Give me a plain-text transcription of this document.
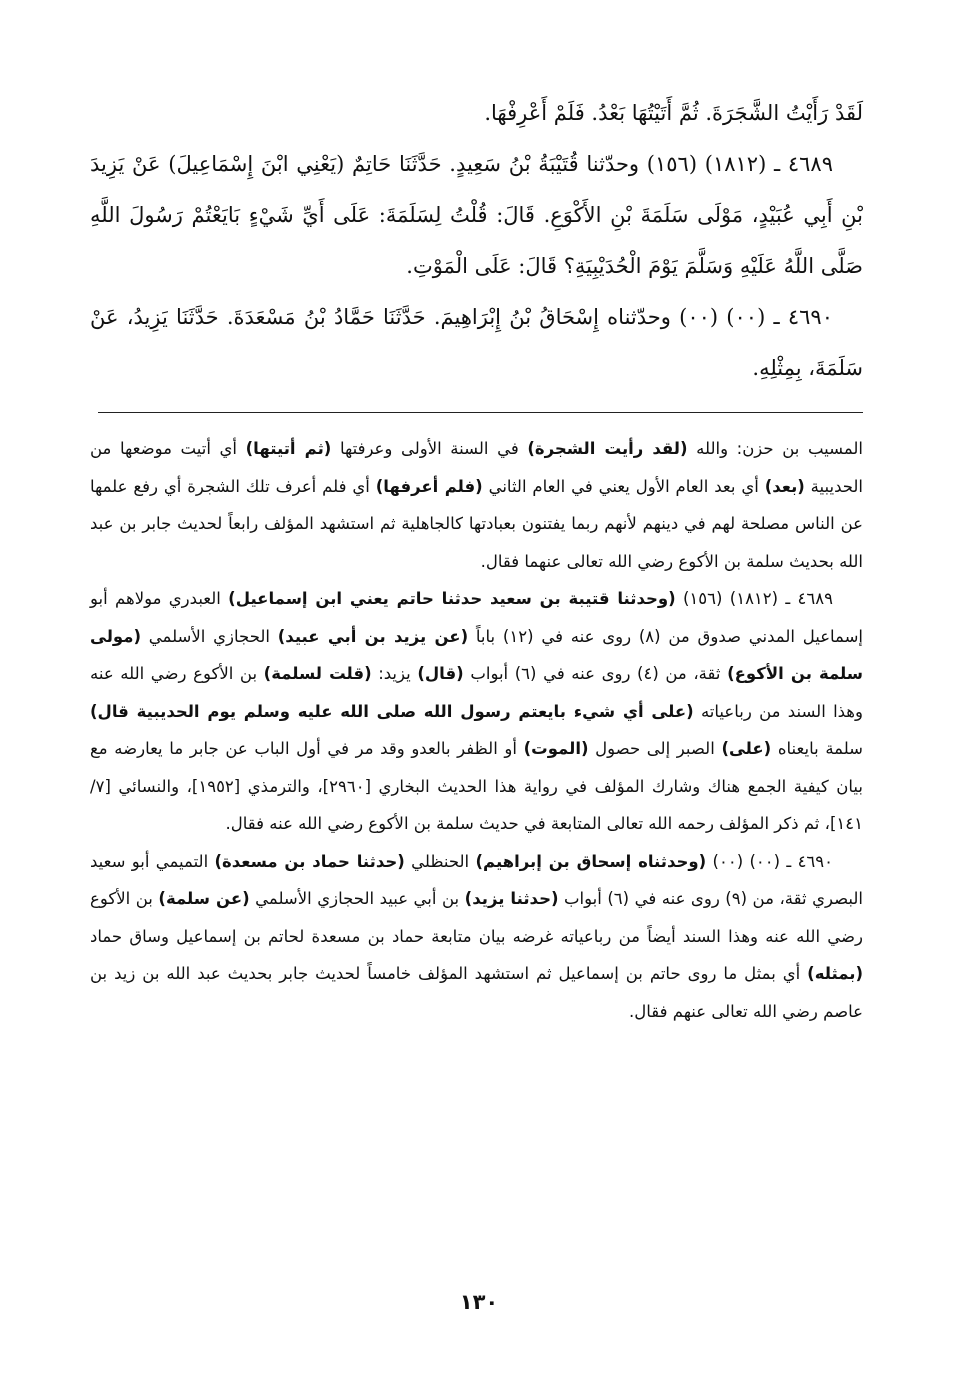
لَقَدْ رَأَيْتُ الشَّجَرَةَ. ثُمَّ أَتَيْتُهَا بَعْدُ. فَلَمْ أَعْرِفْهَا.

٤٦٨٩ ـ (١٨١٢) (١٥٦) وحدّثنا قُتَيْبَةُ بْنُ سَعِيدٍ. حَدَّثَنَا حَاتِمٌ (يَعْنِي ابْنَ إِسْمَاعِيلَ) عَنْ يَزِيدَ بْنِ أَبِي عُبَيْدٍ، مَوْلَى سَلَمَةَ بْنِ الأَكْوَعِ. قَالَ: قُلْتُ لِسَلَمَةَ: عَلَى أَيِّ شَيْءٍ بَايَعْتُمْ رَسُولَ اللَّهِ صَلَّى اللَّهُ عَلَيْهِ وَسَلَّمَ يَوْمَ الْحُدَيْبِيَةِ؟ قَالَ: عَلَى الْمَوْتِ.

٤٦٩٠ ـ (٠٠) (٠٠) وحدّثناه إِسْحَاقُ بْنُ إِبْرَاهِيمَ. حَدَّثَنَا حَمَّادُ بْنُ مَسْعَدَةَ. حَدَّثَنَا يَزِيدُ، عَنْ سَلَمَةَ، بِمِثْلِهِ.

المسيب بن حزن: والله (لقد رأيت الشجرة) في السنة الأولى وعرفتها (ثم أتيتها) أي أتيت موضعها من الحديبية (بعد) أي بعد العام الأول يعني في العام الثاني (فلم أعرفها) أي فلم أعرف تلك الشجرة أي رفع علمها عن الناس مصلحة لهم في دينهم لأنهم ربما يفتنون بعبادتها كالجاهلية ثم استشهد المؤلف رابعاً لحديث جابر بن عبد الله بحديث سلمة بن الأكوع رضي الله تعالى عنهما فقال.

٤٦٨٩ ـ (١٨١٢) (١٥٦) (وحدثنا قتيبة بن سعيد حدثنا حاتم يعني ابن إسماعيل) العبدري مولاهم أبو إسماعيل المدني صدوق من (٨) روى عنه في (١٢) باباً (عن يزيد بن أبي عبيد) الحجازي الأسلمي (مولى سلمة بن الأكوع) ثقة، من (٤) روى عنه في (٦) أبواب (قال) يزيد: (قلت لسلمة) بن الأكوع رضي الله عنه وهذا السند من رباعياته (على أي شيء بايعتم رسول الله صلى الله عليه وسلم يوم الحديبية قال) سلمة بايعناه (على) الصبر إلى حصول (الموت) أو الظفر بالعدو وقد مر في أول الباب عن جابر ما يعارضه مع بيان كيفية الجمع هناك وشارك المؤلف في رواية هذا الحديث البخاري [٢٩٦٠]، والترمذي [١٩٥٢]، والنسائي [٧/ ١٤١]، ثم ذكر المؤلف رحمه الله تعالى المتابعة في حديث سلمة بن الأكوع رضي الله عنه فقال.

٤٦٩٠ ـ (٠٠) (٠٠) (وحدثناه إسحاق بن إبراهيم) الحنظلي (حدثنا حماد بن مسعدة) التميمي أبو سعيد البصري ثقة، من (٩) روى عنه في (٦) أبواب (حدثنا يزيد) بن أبي عبيد الحجازي الأسلمي (عن سلمة) بن الأكوع رضي الله عنه وهذا السند أيضاً من رباعياته غرضه بيان متابعة حماد بن مسعدة لحاتم بن إسماعيل وساق حماد (بمثله) أي بمثل ما روى حاتم بن إسماعيل ثم استشهد المؤلف خامساً لحديث جابر بحديث عبد الله بن زيد بن عاصم رضي الله تعالى عنهم فقال.

١٣٠
